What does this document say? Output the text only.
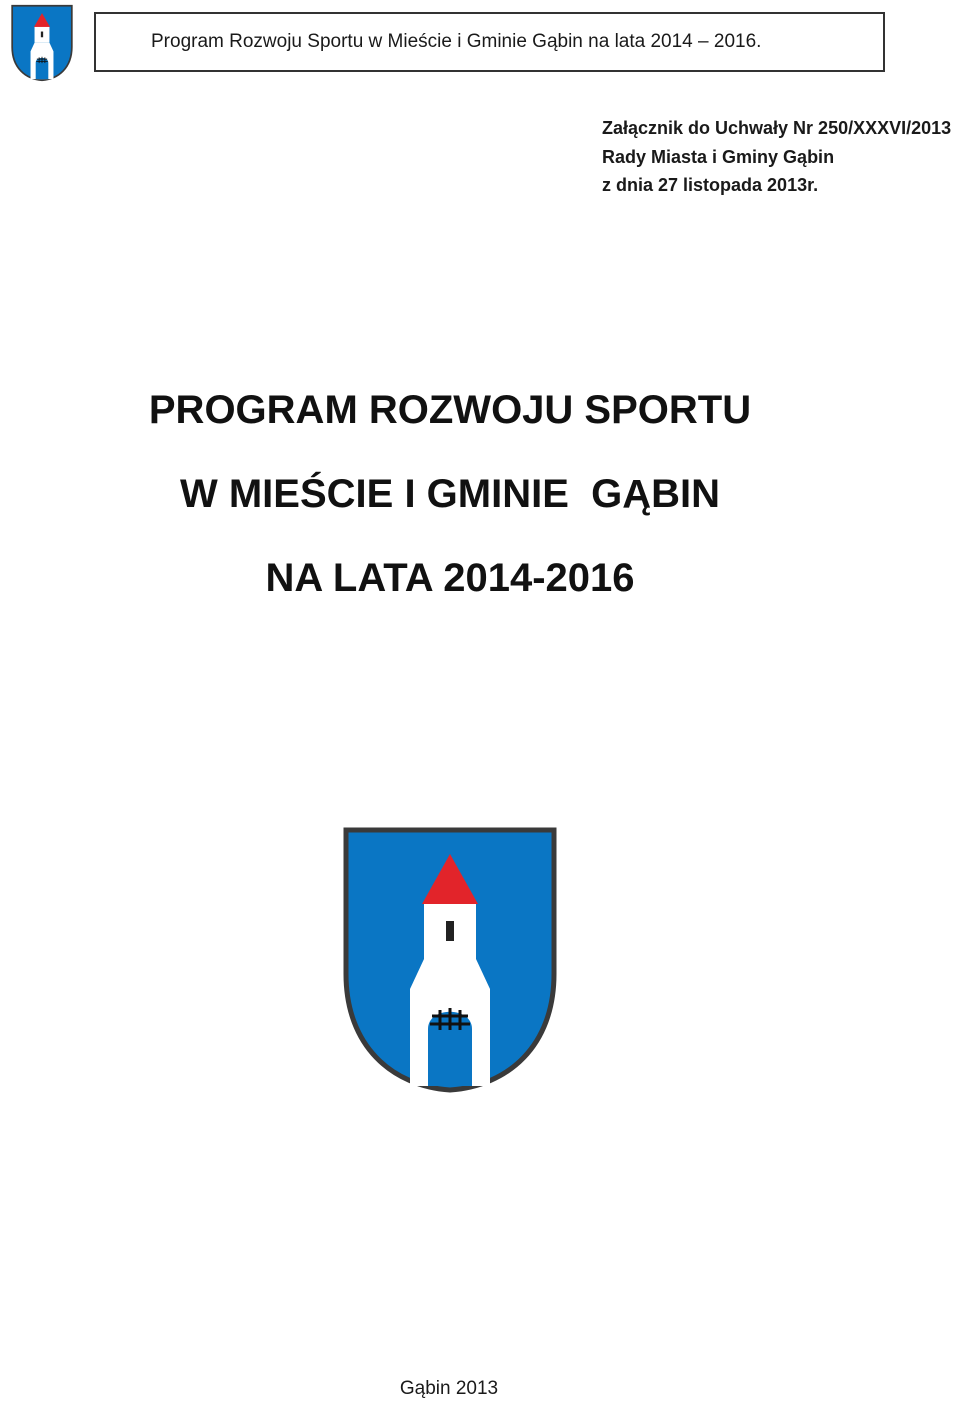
Program Rozwoju Sportu w Mieście i Gminie Gąbin na lata 2014 – 2016.
Załącznik do Uchwały Nr 250/XXXVI/2013
Rady Miasta i Gminy Gąbin
z dnia 27 listopada 2013r.
PROGRAM ROZWOJU SPORTU
W MIEŚCIE I GMINIE  GĄBIN
NA LATA 2014-2016
Gąbin 2013
